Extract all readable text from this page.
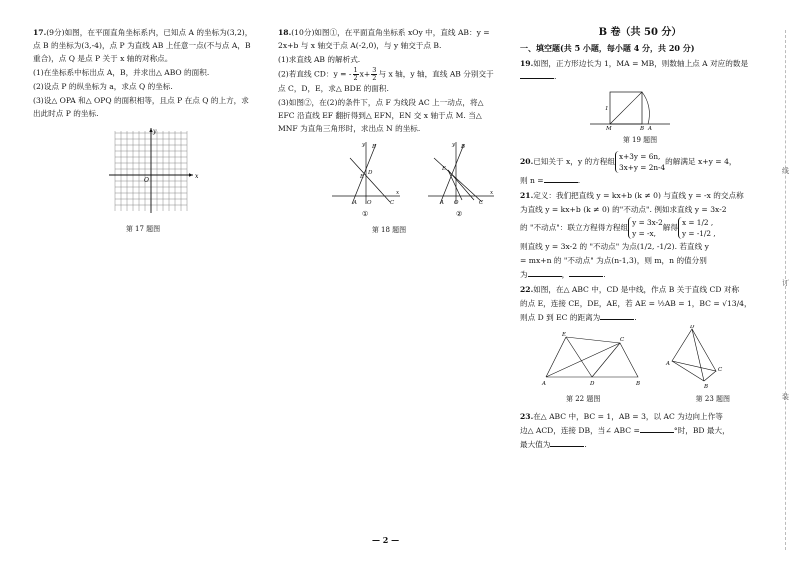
17.(9分)如图，在平面直角坐标系内，已知点 A 的坐标为(3,2)，点 B 的坐标为(3,-4)，点 P 为直线 AB 上任意一点(不与点 A，B 重合)，点 Q 是点 P 关于 x 轴的对称点。

(1)在坐标系中标出点 A，B，并求出△ ABO 的面积.

(2)设点 P 的纵坐标为 a，求点 Q 的坐标.

(3)设△ OPA 和△ OPQ 的面积相等，且点 P 在点 Q 的上方，求出此时点 P 的坐标.

x
y
O
第 17 题图

18.(10分)如图①，在平面直角坐标系 xOy 中，直线 AB：y = 2x+b 与 x 轴交于点 A(-2,0)，与 y 轴交于点 B.

(1)求直线 AB 的解析式.

(2)若直线 CD：y = - $\frac{1}{2} x+ \frac{3}{2}$ 与 x 轴，y 轴，直线 AB 分别交于点 C，D，E，求△ BDE 的面积.

(3)如图②，在(2)的条件下，点 F 为线段 AC 上一动点，将△ EFC 沿直线 EF 翻折得到△ EFN，EN 交 x 轴于点 M. 当△ MNF 为直角三角形时，求出点 N 的坐标.

B
A O	C
E
D
x
y
①
B
A O	C
E
x
y
②
第 18 题图
B 卷（共 50 分）
一、填空题(共 5 小题，每小题 4 分，共 20 分)

19.如图，正方形边长为 1，MA = MB，则数轴上点 A 对应的数是.

M	B A
1
第 19 题图

20.已知关于 x，y 的方程组x+3y = 6n,
3x+y = 2n-4的解满足 x+y = 4，

则 n =	.

21.定义：我们把直线 y = kx+b (k ≠ 0) 与直线 y = -x 的交点称

为直线 y = kx+b (k ≠ 0) 的"不动点". 例如求直线 y = 3x-2

的 "不动点"：联立方程得方程组y = 3x-2
y = -x,解得x = 1/2 ,
y = -1/2 ,

则直线 y = 3x-2 的 "不动点" 为点(1/2, -1/2). 若直线 y

= mx+n 的 "不动点" 为点(n-1,3)，则 m，n 的值分别

为	，	.

22.如图，在△ ABC 中，CD 是中线，作点 B 关于直线 CD 对称

的点 E，连接 CE，DE，AE，若 AE = ½AB = 1，BC = √13/4，

则点 D 到 EC 的距离为	.

A	D	B
C
E
A
D
C
B
第 22 题图	第 23 题图

23.在△ ABC 中，BC = 1，AB = 3，以 AC 为边向上作等

边△ ACD，连接 DB，当∠ ABC =	°时，BD 最大，

最大值为	.

线
订
装
— 2 —
